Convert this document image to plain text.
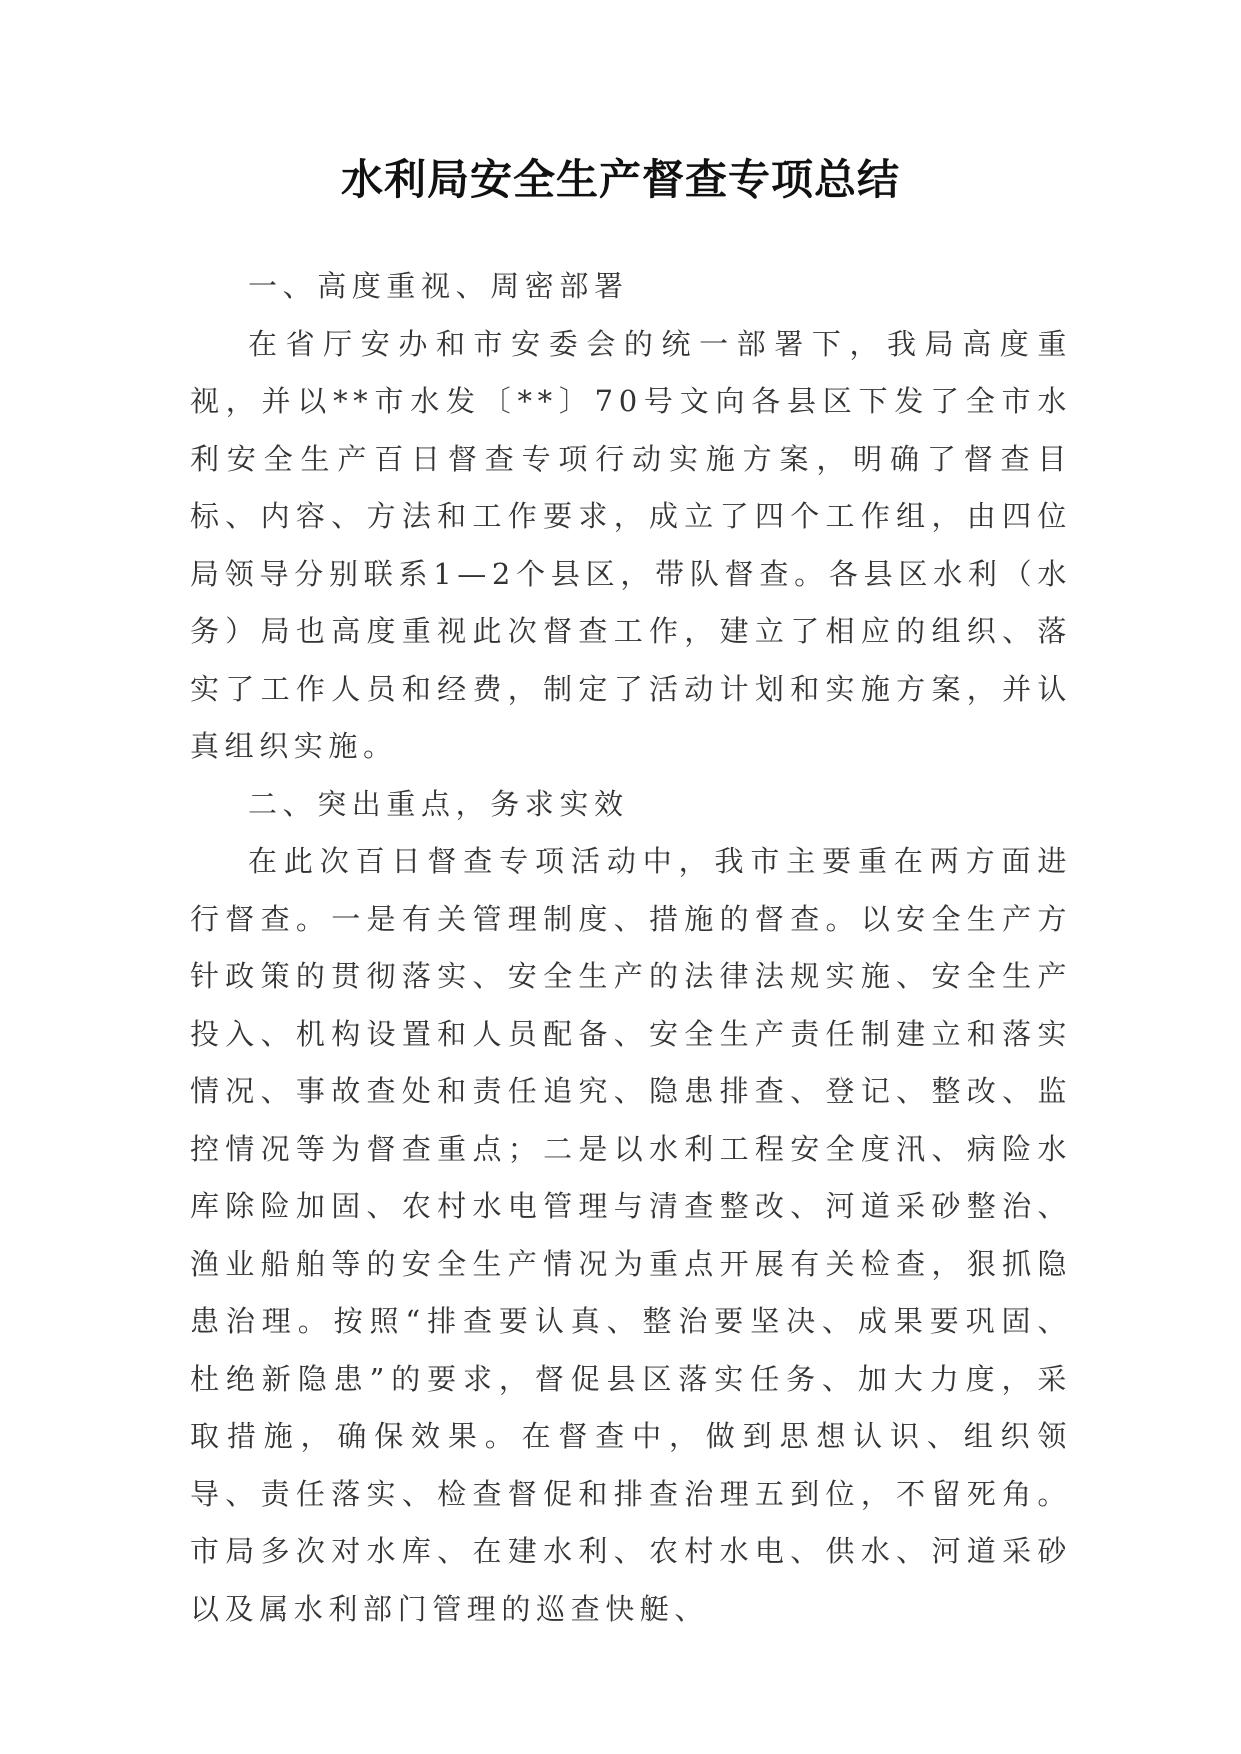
水利局安全生产督查专项总结

一、高度重视、周密部署

在省厅安办和市安委会的统一部署下，我局高度重视，并以**市水发〔**〕70号文向各县区下发了全市水利安全生产百日督查专项行动实施方案，明确了督查目标、内容、方法和工作要求，成立了四个工作组，由四位局领导分别联系1—2个县区，带队督查。各县区水利（水务）局也高度重视此次督查工作，建立了相应的组织、落实了工作人员和经费，制定了活动计划和实施方案，并认真组织实施。

二、突出重点，务求实效

在此次百日督查专项活动中，我市主要重在两方面进行督查。一是有关管理制度、措施的督查。以安全生产方针政策的贯彻落实、安全生产的法律法规实施、安全生产投入、机构设置和人员配备、安全生产责任制建立和落实情况、事故查处和责任追究、隐患排查、登记、整改、监控情况等为督查重点；二是以水利工程安全度汛、病险水库除险加固、农村水电管理与清查整改、河道采砂整治、渔业船舶等的安全生产情况为重点开展有关检查，狠抓隐患治理。按照“排查要认真、整治要坚决、成果要巩固、杜绝新隐患”的要求，督促县区落实任务、加大力度，采取措施，确保效果。在督查中，做到思想认识、组织领导、责任落实、检查督促和排查治理五到位，不留死角。市局多次对水库、在建水利、农村水电、供水、河道采砂以及属水利部门管理的巡查快艇、
